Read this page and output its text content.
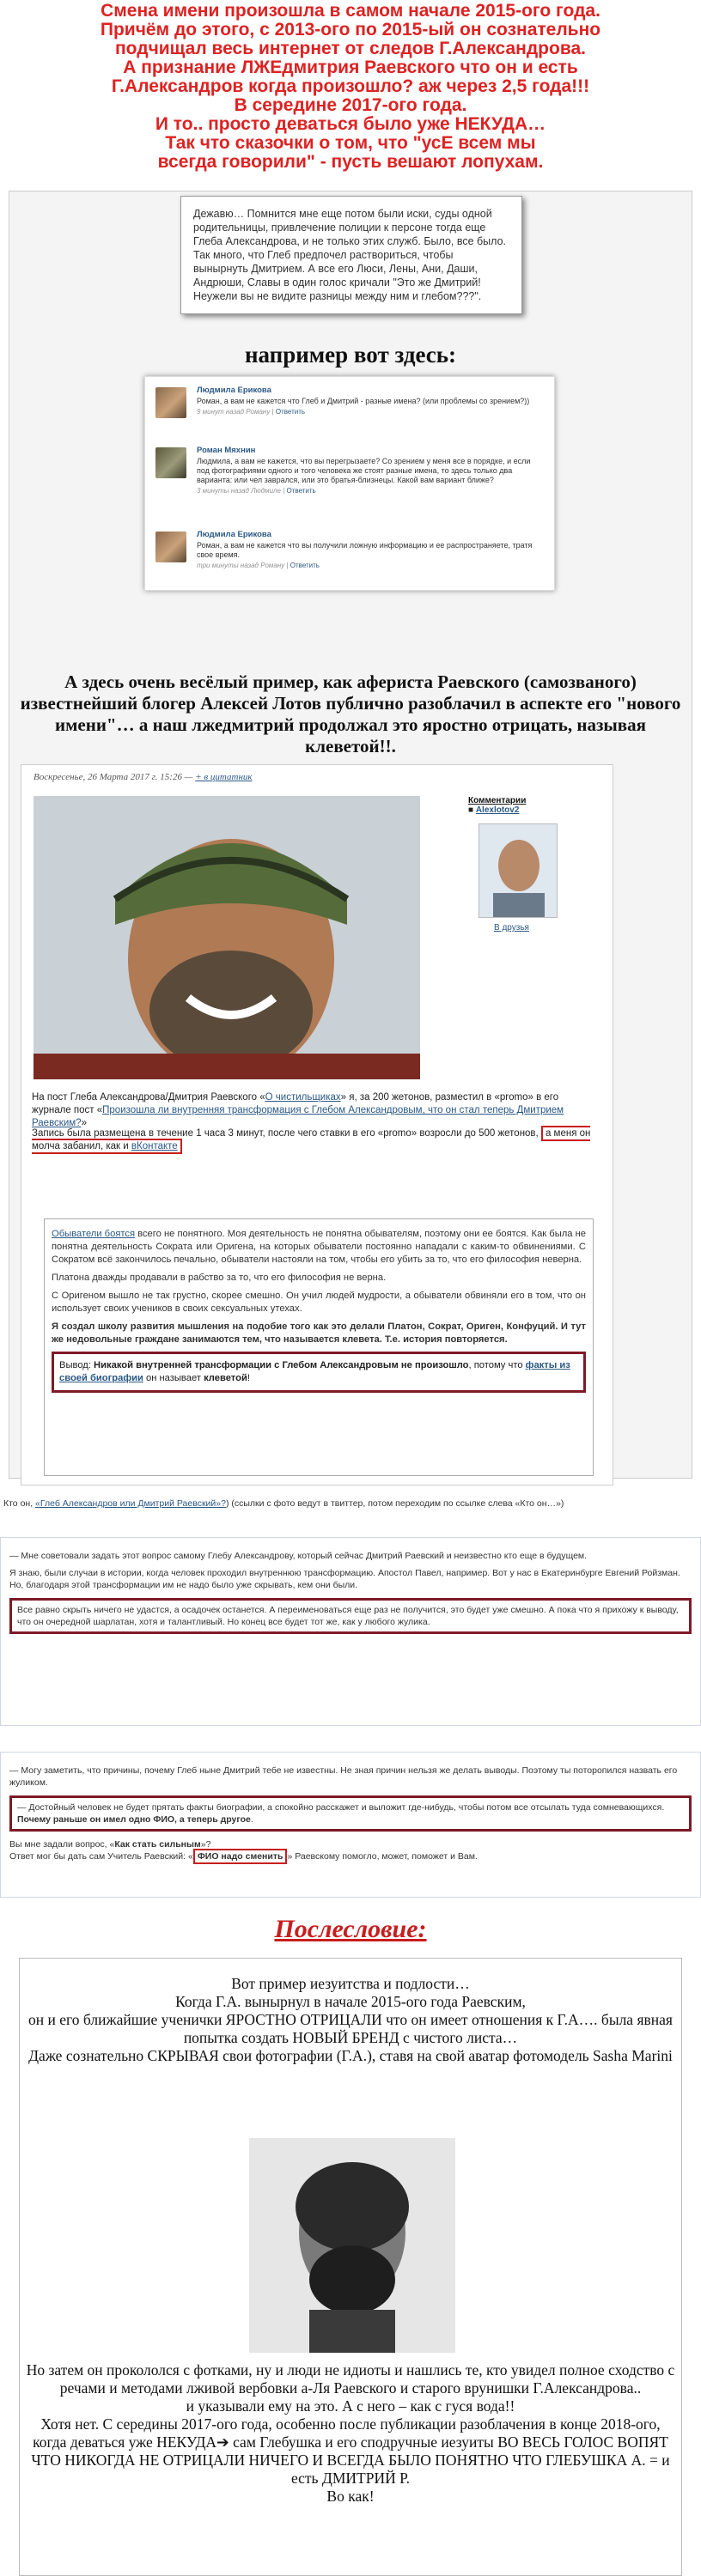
Смена имени произошла в самом начале 2015-ого года.

Причём до этого, с 2013-ого по 2015-ый он сознательно

подчищал весь интернет от следов Г.Александрова.

А признание ЛЖЕдмитрия Раевского что он и есть

Г.Александров когда произошло? аж через 2,5 года!!!

В середине 2017-ого года.

И то.. просто деваться было уже НЕКУДА…

Так что сказочки о том, что "усЕ всем мы

всегда говорили" - пусть вешают лопухам.

Дежавю… Помнится мне еще потом были иски, суды одной родительницы, привлечение полиции к персоне тогда еще Глеба Александрова, и не только этих служб. Было, все было. Так много, что Глеб предпочел раствориться, чтобы вынырнуть Дмитрием. А все его Люси, Лены, Ани, Даши, Андрюши, Славы в один голос кричали "Это же Дмитрий! Неужели вы не видите разницы между ним и глебом???".
например вот здесь:
Людмила Ерикова
Роман, а вам не кажется что Глеб и Дмитрий - разные имена? (или проблемы со зрением?))
9 минут назад Роману | Ответить
Роман Мяхнин
Людмила, а вам не кажется, что вы перегрызаете? Со зрением у меня все в порядке, и если под фотографиями одного и того человека же стоят разные имена, то здесь только два варианта: или чел заврался, или это братья-близнецы. Какой вам вариант ближе?
3 минуты назад Людмиле | Ответить
Людмила Ерикова
Роман, а вам не кажется что вы получили ложную информацию и ее распространяете, тратя свое время.
три минуты назад Роману | Ответить
А здесь очень весёлый пример, как афериста Раевского (самозваного) известнейший блогер Алексей Лотов публично разоблачил в аспекте его "нового имени"… а наш лжедмитрий продолжал это яростно отрицать, называя клеветой!!.
Воскресенье, 26 Марта 2017 г. 15:26 — + в цитатник
Комментарии
■ Alexlotov2
В друзья
На пост Глеба Александрова/Дмитрия Раевского «О чистильщиках» я, за 200 жетонов, разместил в «promo» в его журнале пост «Произошла ли внутренняя трансформация с Глебом Александровым, что он стал теперь Дмитрием Раевским?»
Запись была размещена в течение 1 часа 3 минут, после чего ставки в его «promo» возросли до 500 жетонов, а меня он молча забанил, как и вКонтакте

Обыватели боятся всего не понятного. Моя деятельность не понятна обывателям, поэтому они ее боятся. Как была не понятна деятельность Сократа или Оригена, на которых обыватели постоянно нападали с каким-то обвинениями. С Сократом всё закончилось печально, обыватели настояли на том, чтобы его убить за то, что его философия неверна.

Платона дважды продавали в рабство за то, что его философия не верна.

С Оригеном вышло не так грустно, скорее смешно. Он учил людей мудрости, а обыватели обвиняли его в том, что он использует своих учеников в своих сексуальных утехах.

Я создал школу развития мышления на подобие того как это делали Платон, Сократ, Ориген, Конфуций. И тут же недовольные граждане занимаются тем, что называется клевета. Т.е. история повторяется.

Вывод: Никакой внутренней трансформации с Глебом Александровым не произошло, потому что факты из своей биографии он называет клеветой!
Кто он, «Глеб Александров или Дмитрий Раевский»?) (ссылки с фото ведут в твиттер, потом переходим по ссылке слева «Кто он…»)

— Мне советовали задать этот вопрос самому Глебу Александрову, который сейчас Дмитрий Раевский и неизвестно кто еще в будущем.

Я знаю, были случаи в истории, когда человек проходил внутреннюю трансформацию. Апостол Павел, например. Вот у нас в Екатеринбурге Евгений Ройзман. Но, благодаря этой трансформации им не надо было уже скрывать, кем они были.

Все равно скрыть ничего не удастся, а осадочек останется. А переименоваться еще раз не получится, это будет уже смешно. А пока что я прихожу к выводу, что он очередной шарлатан, хотя и талантливый. Но конец все будет тот же, как у любого жулика.

— Могу заметить, что причины, почему Глеб ныне Дмитрий тебе не известны. Не зная причин нельзя же делать выводы. Поэтому ты поторопился назвать его жуликом.

— Достойный человек не будет прятать факты биографии, а спокойно расскажет и выложит где-нибудь, чтобы потом все отсылать туда сомневающихся. Почему раньше он имел одно ФИО, а теперь другое.

Вы мне задали вопрос, «Как стать сильным»?
Ответ мог бы дать сам Учитель Раевский: « ФИО надо сменить » Раевскому помогло, может, поможет и Вам.

Послесловие:
Вот пример иезуитства и подлости…
Когда Г.А. вынырнул в начале 2015-ого года Раевским,
он и его ближайшие ученички ЯРОСТНО ОТРИЦАЛИ что он имеет отношения к Г.А…. была явная попытка создать НОВЫЙ БРЕНД с чистого листа…
Даже сознательно СКРЫВАЯ свои фотографии (Г.А.), ставя на свой аватар фотомодель Sasha Marini
Но затем он прокололся с фотками, ну и люди не идиоты и нашлись те, кто увидел полное сходство с речами и методами лживой вербовки а-Ля Раевского и старого врунишки Г.Александрова..
и указывали ему на это. А с него – как с гуся вода!!
Хотя нет. С середины 2017-ого года, особенно после публикации разоблачения в конце 2018-ого, когда деваться уже НЕКУДА➔ сам Глебушка и его сподручные иезуиты ВО ВЕСЬ ГОЛОС ВОПЯТ ЧТО НИКОГДА НЕ ОТРИЦАЛИ НИЧЕГО И ВСЕГДА БЫЛО ПОНЯТНО ЧТО ГЛЕБУШКА А. = и есть ДМИТРИЙ Р.
Во как!
